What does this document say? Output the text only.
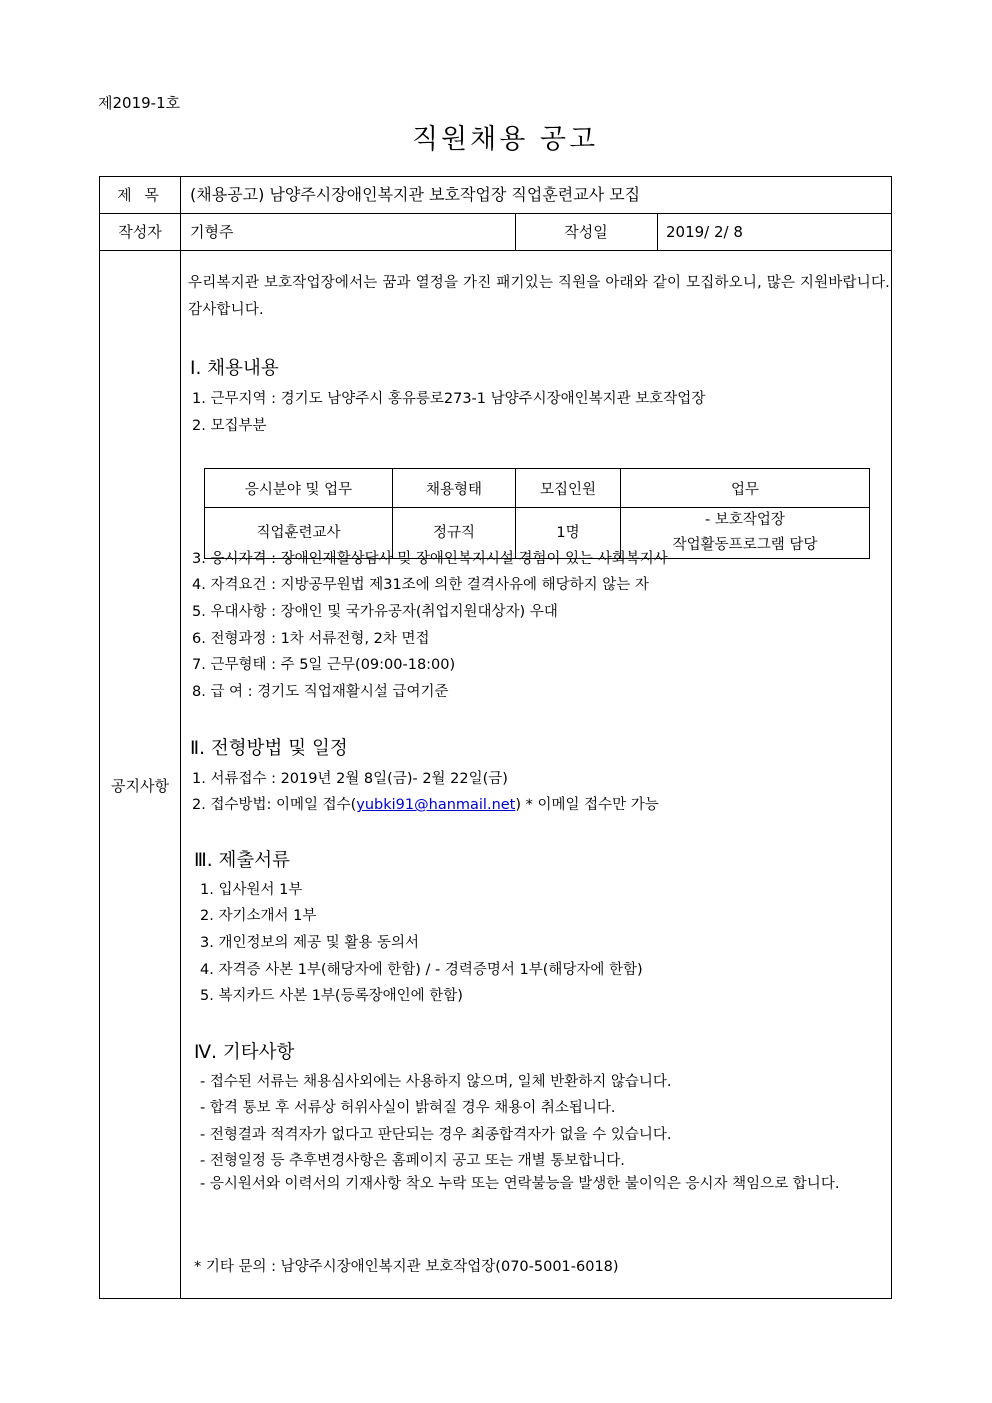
제2019-1호
직원채용 공고
제 목	(채용공고) 남양주시장애인복지관 보호작업장 직업훈련교사 모집
작성자	기형주	작성일	2019/ 2/ 8
공지사항
우리복지관 보호작업장에서는 꿈과 열정을 가진 패기있는 직원을 아래와 같이 모집하오니, 많은 지원바랍니다. 감사합니다.
Ⅰ. 채용내용
1. 근무지역 : 경기도 남양주시 홍유릉로273-1 남양주시장애인복지관 보호작업장
2. 모집부분
응시분야 및 업무	채용형태	모집인원	업무
직업훈련교사	정규직	1명	- 보호작업장
작업활동프로그램 담당
3. 응시자격 : 장애인재활상담사 및 장애인복지시설 경험이 있는 사회복지사
4. 자격요건 : 지방공무원법 제31조에 의한 결격사유에 해당하지 않는 자
5. 우대사항 : 장애인 및 국가유공자(취업지원대상자) 우대
6. 전형과정 : 1차 서류전형, 2차 면접
7. 근무형태 : 주 5일 근무(09:00-18:00)
8. 급 여 : 경기도 직업재활시설 급여기준
Ⅱ. 전형방법 및 일정
1. 서류접수 : 2019년 2월 8일(금)- 2월 22일(금)
2. 접수방법: 이메일 접수(yubki91@hanmail.net) * 이메일 접수만 가능
Ⅲ. 제출서류
1. 입사원서 1부
2. 자기소개서 1부
3. 개인정보의 제공 및 활용 동의서
4. 자격증 사본 1부(해당자에 한함) / - 경력증명서 1부(해당자에 한함)
5. 복지카드 사본 1부(등록장애인에 한함)
Ⅳ. 기타사항
- 접수된 서류는 채용심사외에는 사용하지 않으며, 일체 반환하지 않습니다.
- 합격 통보 후 서류상 허위사실이 밝혀질 경우 채용이 취소됩니다.
- 전형결과 적격자가 없다고 판단되는 경우 최종합격자가 없을 수 있습니다.
- 전형일정 등 추후변경사항은 홈페이지 공고 또는 개별 통보합니다.
- 응시원서와 이력서의 기재사항 착오 누락 또는 연락불능을 발생한 불이익은 응시자 책임으로 합니다.
* 기타 문의 : 남양주시장애인복지관 보호작업장(070-5001-6018)
